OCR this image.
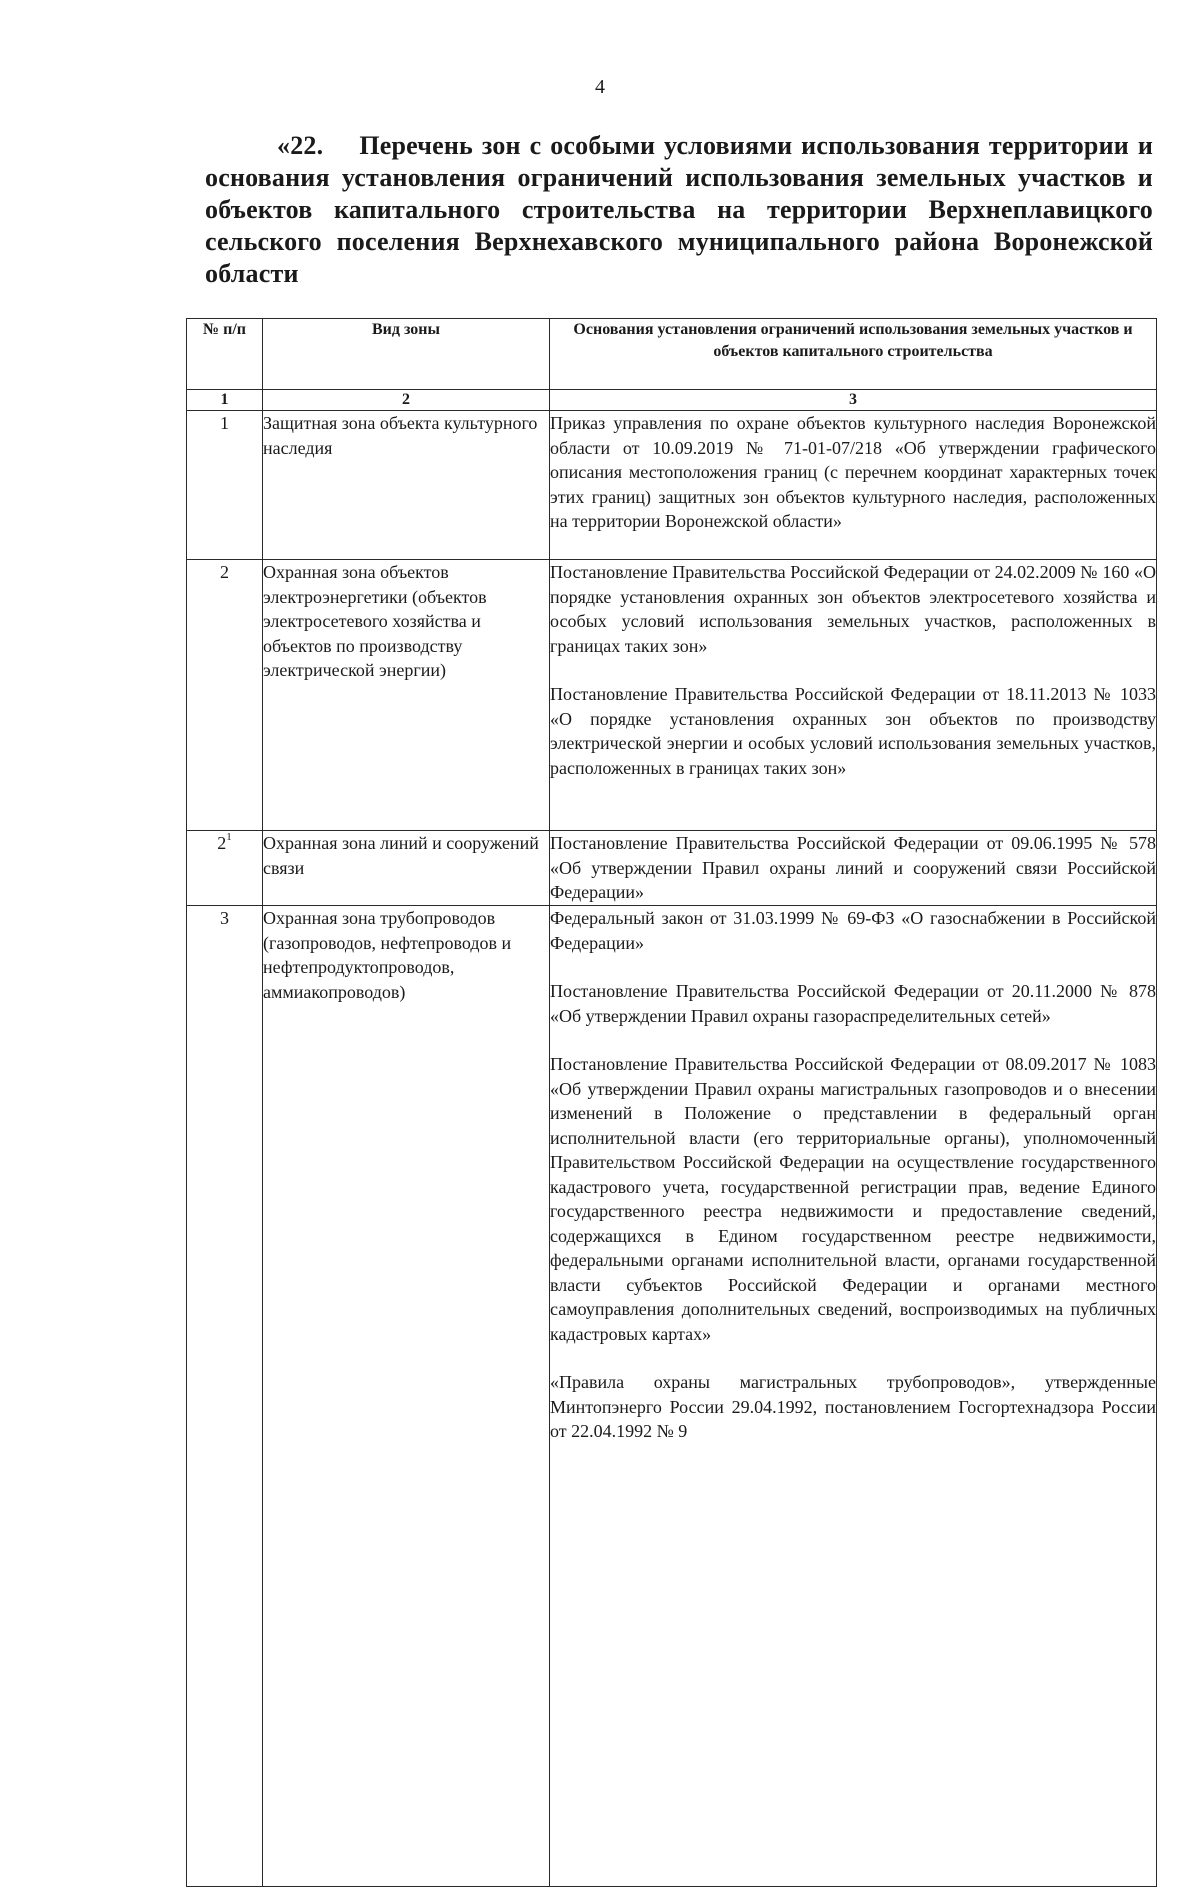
4
«22. Перечень зон с особыми условиями использования территории и основания установления ограничений использования земельных участков и объектов капитального строительства на территории Верхнеплавицкого сельского поселения Верхнехавского муниципального района Воронежской области
№ п/п	Вид зоны	Основания установления ограничений использования земельных участков и объектов капитального строительства
1	2	3
1	Защитная зона объекта культурного наследия	Приказ управления по охране объектов культурного наследия Воронежской области от 10.09.2019 № 71-01-07/218 «Об утверждении графического описания местоположения границ (с перечнем координат характерных точек этих границ) защитных зон объектов культурного наследия, расположенных на территории Воронежской области»

2	Охранная зона объектов электроэнергетики (объектов электросетевого хозяйства и объектов по производству электрической энергии)	Постановление Правительства Российской Федерации от 24.02.2009 № 160 «О порядке установления охранных зон объектов электросетевого хозяйства и особых условий использования земельных участков, расположенных в границах таких зон»

Постановление Правительства Российской Федерации от 18.11.2013 № 1033 «О порядке установления охранных зон объектов по производству электрической энергии и особых условий использования земельных участков, расположенных в границах таких зон»

$2^1$	Охранная зона линий и сооружений связи	Постановление Правительства Российской Федерации от 09.06.1995 № 578 «Об утверждении Правил охраны линий и сооружений связи Российской Федерации»

3	Охранная зона трубопроводов (газопроводов, нефтепроводов и нефтепродуктопроводов, аммиакопроводов)	Федеральный закон от 31.03.1999 № 69-ФЗ «О газоснабжении в Российской Федерации»

Постановление Правительства Российской Федерации от 20.11.2000 № 878 «Об утверждении Правил охраны газораспределительных сетей»

Постановление Правительства Российской Федерации от 08.09.2017 № 1083 «Об утверждении Правил охраны магистральных газопроводов и о внесении изменений в Положение о представлении в федеральный орган исполнительной власти (его территориальные органы), уполномоченный Правительством Российской Федерации на осуществление государственного кадастрового учета, государственной регистрации прав, ведение Единого государственного реестра недвижимости и предоставление сведений, содержащихся в Едином государственном реестре недвижимости, федеральными органами исполнительной власти, органами государственной власти субъектов Российской Федерации и органами местного самоуправления дополнительных сведений, воспроизводимых на публичных кадастровых картах»

«Правила охраны магистральных трубопроводов», утвержденные Минтопэнерго России 29.04.1992, постановлением Госгортехнадзора России от 22.04.1992 № 9
